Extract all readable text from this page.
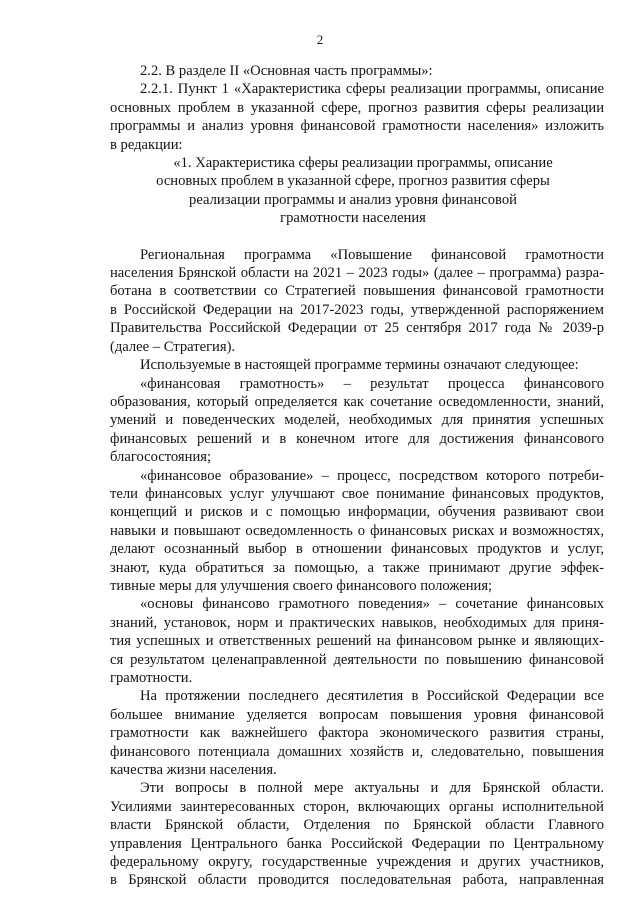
2

2.2. В разделе II «Основная часть программы»:

2.2.1. Пункт 1 «Характеристика сферы реализации программы, описание
основных проблем в указанной сфере, прогноз развития сферы реализации
программы и анализ уровня финансовой грамотности населения» изложить
в редакции:
«1. Характеристика сферы реализации программы, описание
основных проблем в указанной сфере, прогноз развития сферы
реализации программы и анализ уровня финансовой
грамотности населения
Региональная программа «Повышение финансовой грамотности
населения Брянской области на 2021 – 2023 годы» (далее – программа) разра-
ботана в соответствии со Стратегией повышения финансовой грамотности
в Российской Федерации на 2017-2023 годы, утвержденной распоряжением
Правительства Российской Федерации от 25 сентября 2017 года № 2039-р
(далее – Стратегия).
Используемые в настоящей программе термины означают следующее:
«финансовая грамотность» – результат процесса финансового
образования, который определяется как сочетание осведомленности, знаний,
умений и поведенческих моделей, необходимых для принятия успешных
финансовых решений и в конечном итоге для достижения финансового
благосостояния;
«финансовое образование» – процесс, посредством которого потреби-
тели финансовых услуг улучшают свое понимание финансовых продуктов,
концепций и рисков и с помощью информации, обучения развивают свои
навыки и повышают осведомленность о финансовых рисках и возможностях,
делают осознанный выбор в отношении финансовых продуктов и услуг,
знают, куда обратиться за помощью, а также принимают другие эффек-
тивные меры для улучшения своего финансового положения;
«основы финансово грамотного поведения» – сочетание финансовых
знаний, установок, норм и практических навыков, необходимых для приня-
тия успешных и ответственных решений на финансовом рынке и являющих-
ся результатом целенаправленной деятельности по повышению финансовой
грамотности.
На протяжении последнего десятилетия в Российской Федерации все
большее внимание уделяется вопросам повышения уровня финансовой
грамотности как важнейшего фактора экономического развития страны,
финансового потенциала домашних хозяйств и, следовательно, повышения
качества жизни населения.
Эти вопросы в полной мере актуальны и для Брянской области.
Усилиями заинтересованных сторон, включающих органы исполнительной
власти Брянской области, Отделения по Брянской области Главного
управления Центрального банка Российской Федерации по Центральному
федеральному округу, государственные учреждения и других участников,
в Брянской области проводится последовательная работа, направленная
